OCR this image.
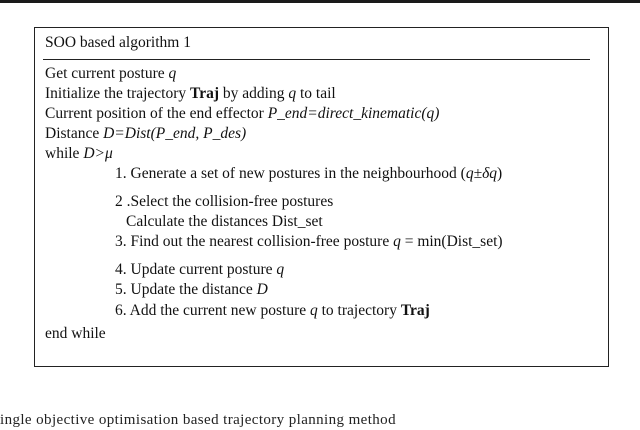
SOO based algorithm 1
Get current posture q
Initialize the trajectory Traj by adding q to tail
Current position of the end effector P_end=direct_kinematic(q)
Distance D=Dist(P_end, P_des)
while D>μ
1. Generate a set of new postures in the neighbourhood (q±δq)
2 .Select the collision-free postures
Calculate the distances Dist_set
3. Find out the nearest collision-free posture q = min(Dist_set)
4. Update current posture q
5. Update the distance D
6. Add the current new posture q to trajectory Traj
end while
ingle objective optimisation based trajectory planning method
